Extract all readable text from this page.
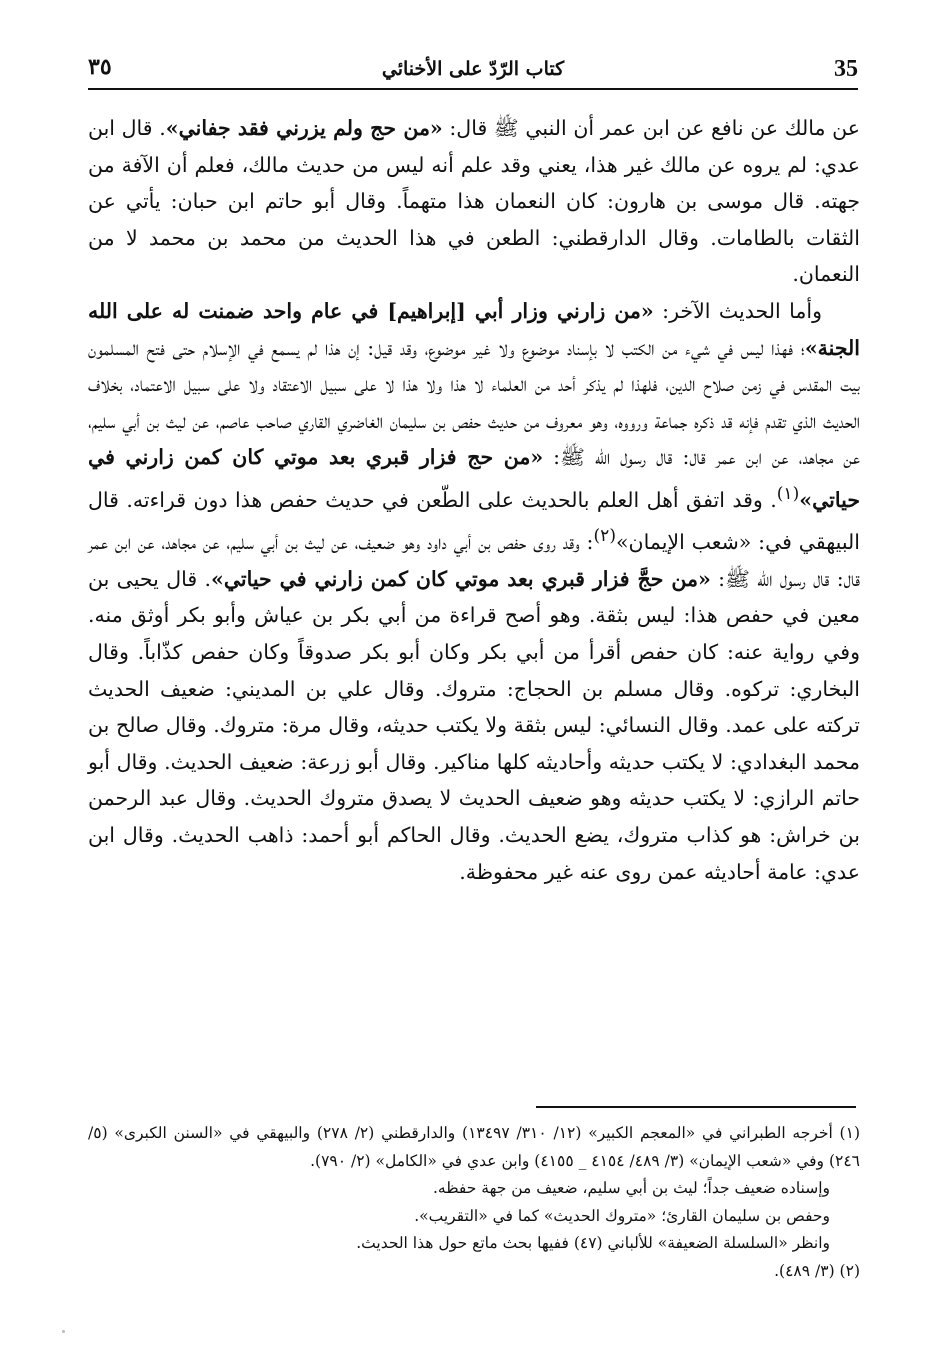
35
كتاب الرّدّ على الأخنائي
٣٥

عن مالك عن نافع عن ابن عمر أن النبي ﷺ قال: «من حج ولم يزرني فقد جفاني». قال ابن عدي: لم يروه عن مالك غير هذا، يعني وقد علم أنه ليس من حديث مالك، فعلم أن الآفة من جهته. قال موسى بن هارون: كان النعمان هذا متهماً. وقال أبو حاتم ابن حبان: يأتي عن الثقات بالطامات. وقال الدارقطني: الطعن في هذا الحديث من محمد بن محمد لا من النعمان.

وأما الحديث الآخر: «من زارني وزار أبي [إبراهيم] في عام واحد ضمنت له على الله الجنة»؛ فهذا ليس في شيء من الكتب لا بإسناد موضوع ولا غير موضوع، وقد قيل: إن هذا لم يسمع في الإسلام حتى فتح المسلمون بيت المقدس في زمن صلاح الدين، فلهذا لم يذكر أحد من العلماء لا هذا ولا هذا لا على سبيل الاعتقاد ولا على سبيل الاعتماد، بخلاف الحديث الذي تقدم فإنه قد ذكره جماعة ورووه، وهو معروف من حديث حفص بن سليمان الغاضري القاري صاحب عاصم، عن ليث بن أبي سليم، عن مجاهد، عن ابن عمر قال: قال رسول الله ﷺ: «من حج فزار قبري بعد موتي كان كمن زارني في حياتي»$^{(١)}$. وقد اتفق أهل العلم بالحديث على الطّعن في حديث حفص هذا دون قراءته. قال البيهقي في: «شعب الإيمان»$^{(٢)}$: وقد روى حفص بن أبي داود وهو ضعيف، عن ليث بن أبي سليم، عن مجاهد، عن ابن عمر قال: قال رسول الله ﷺ: «من حجَّ فزار قبري بعد موتي كان كمن زارني في حياتي». قال يحيى بن معين في حفص هذا: ليس بثقة. وهو أصح قراءة من أبي بكر بن عياش وأبو بكر أوثق منه. وفي رواية عنه: كان حفص أقرأ من أبي بكر وكان أبو بكر صدوقاً وكان حفص كذّاباً. وقال البخاري: تركوه. وقال مسلم بن الحجاج: متروك. وقال علي بن المديني: ضعيف الحديث تركته على عمد. وقال النسائي: ليس بثقة ولا يكتب حديثه، وقال مرة: متروك. وقال صالح بن محمد البغدادي: لا يكتب حديثه وأحاديثه كلها مناكير. وقال أبو زرعة: ضعيف الحديث. وقال أبو حاتم الرازي: لا يكتب حديثه وهو ضعيف الحديث لا يصدق متروك الحديث. وقال عبد الرحمن بن خراش: هو كذاب متروك، يضع الحديث. وقال الحاكم أبو أحمد: ذاهب الحديث. وقال ابن عدي: عامة أحاديثه عمن روى عنه غير محفوظة.

(١) أخرجه الطبراني في «المعجم الكبير» (١٢/ ٣١٠/ ١٣٤٩٧) والدارقطني (٢/ ٢٧٨) والبيهقي في «السنن الكبرى» (٥/ ٢٤٦) وفي «شعب الإيمان» (٣/ ٤٨٩/ ٤١٥٤ _ ٤١٥٥) وابن عدي في «الكامل» (٢/ ٧٩٠).

وإسناده ضعيف جداً؛ ليث بن أبي سليم، ضعيف من جهة حفظه.

وحفص بن سليمان القارئ؛ «متروك الحديث» كما في «التقريب».

وانظر «السلسلة الضعيفة» للألباني (٤٧) ففيها بحث ماتع حول هذا الحديث.

(٢) (٣/ ٤٨٩).
